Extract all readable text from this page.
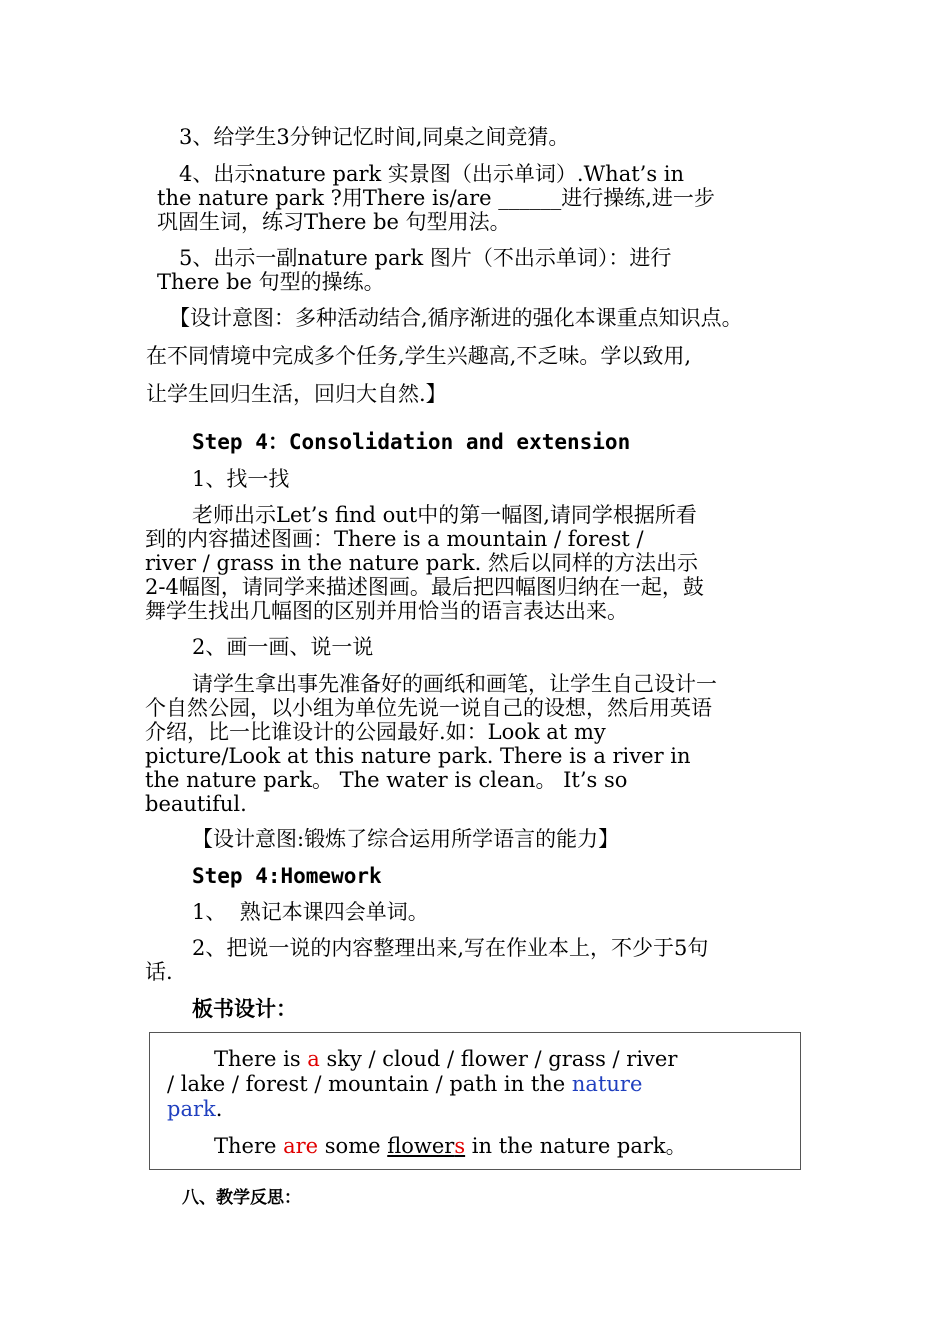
3、给学生3分钟记忆时间,同桌之间竞猜。
4、出示nature park 实景图（出示单词）.What’s in
the nature park ?用There is/are ______进行操练,进一步
巩固生词，练习There be 句型用法。
5、出示一副nature park 图片（不出示单词）：进行
There be 句型的操练。
【设计意图：多种活动结合,循序渐进的强化本课重点知识点。
在不同情境中完成多个任务,学生兴趣高,不乏味。学以致用,
让学生回归生活，回归大自然.】
Step 4：Consolidation and extension
1、找一找
老师出示Let’s find out中的第一幅图,请同学根据所看
到的内容描述图画：There is a mountain / forest /
river / grass in the nature park. 然后以同样的方法出示
2-4幅图，请同学来描述图画。最后把四幅图归纳在一起，鼓
舞学生找出几幅图的区别并用恰当的语言表达出来。
2、画一画、说一说
请学生拿出事先准备好的画纸和画笔，让学生自己设计一
个自然公园，以小组为单位先说一说自己的设想，然后用英语
介绍，比一比谁设计的公园最好.如：Look at my
picture/Look at this nature park. There is a river in
the nature park。 The water is clean。 It’s so
beautiful.
【设计意图:锻炼了综合运用所学语言的能力】
Step 4:Homework
1、  熟记本课四会单词。
2、把说一说的内容整理出来,写在作业本上，不少于5句
话.
板书设计：
There is a sky / cloud / flower / grass / river
/ lake / forest / mountain / path in the nature
park.
There are some flowers in the nature park。
八、教学反思：
